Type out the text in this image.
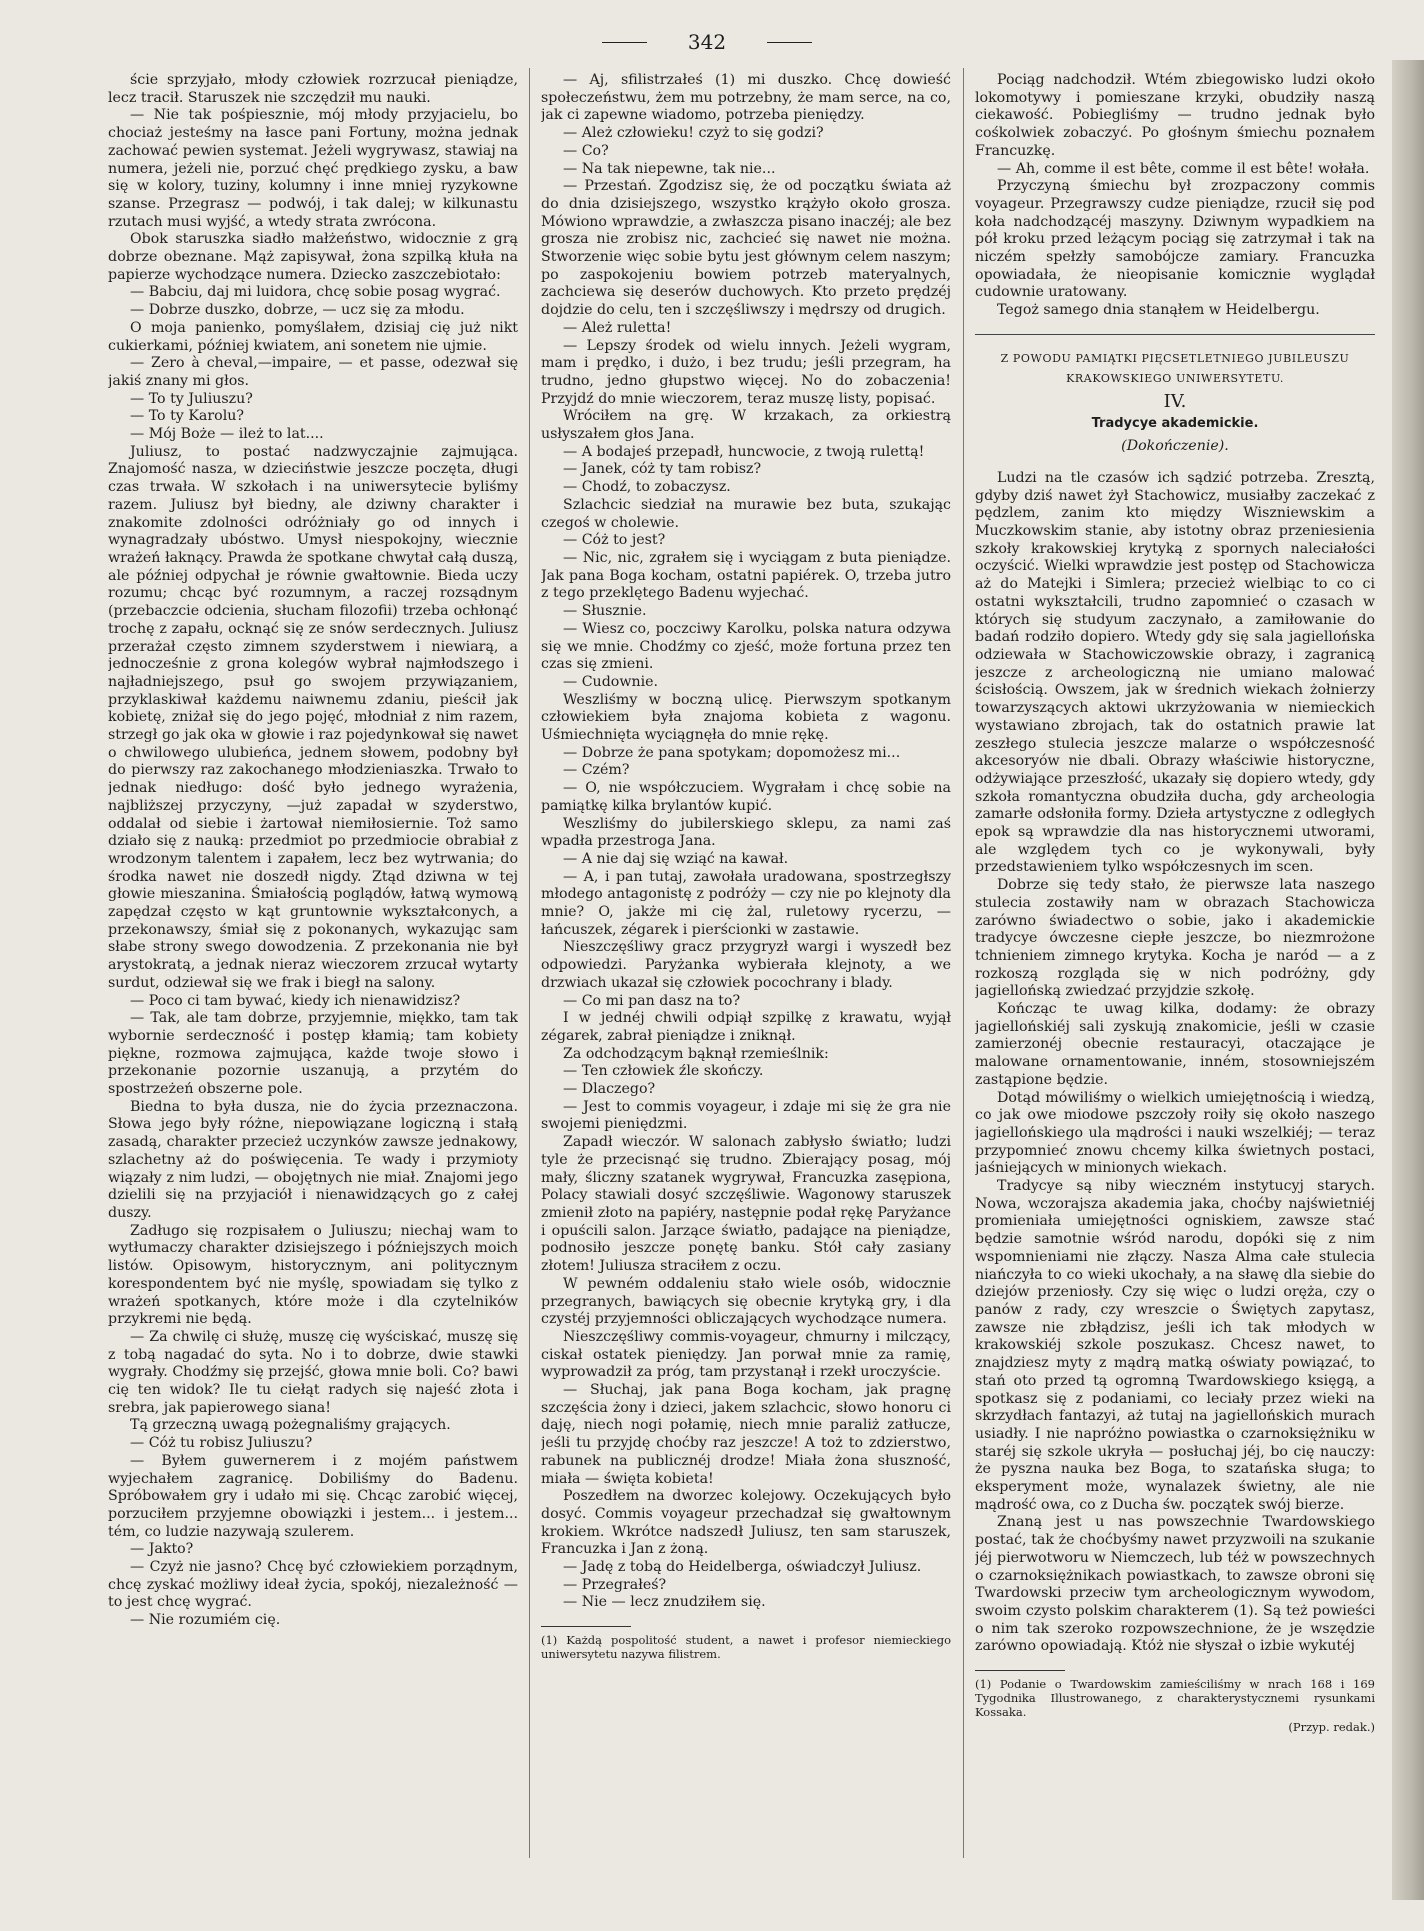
342

ście sprzyjało, młody człowiek rozrzucał pieniądze, lecz tracił. Staruszek nie szczędził mu nauki.

— Nie tak pośpiesznie, mój młody przyjacielu, bo chociaż jesteśmy na łasce pani Fortuny, można jednak zachować pewien systemat. Jeżeli wygrywasz, stawiaj na numera, jeżeli nie, porzuć chęć prędkiego zysku, a baw się w kolory, tuziny, kolumny i inne mniej ryzykowne szanse. Przegrasz — podwój, i tak dalej; w kilkunastu rzutach musi wyjść, a wtedy strata zwrócona.

Obok staruszka siadło małżeństwo, widocznie z grą dobrze obeznane. Mąż zapisywał, żona szpilką kłuła na papierze wychodzące numera. Dziecko zaszczebiotało:

— Babciu, daj mi luidora, chcę sobie posag wygrać.

— Dobrze duszko, dobrze, — ucz się za młodu.

O moja panienko, pomyślałem, dzisiaj cię już nikt cukierkami, później kwiatem, ani sonetem nie ujmie.

— Zero à cheval,—impaire, — et passe, odezwał się jakiś znany mi głos.

— To ty Juliuszu?

— To ty Karolu?

— Mój Boże — ileż to lat....

Juliusz, to postać nadzwyczajnie zajmująca. Znajomość nasza, w dzieciństwie jeszcze poczęta, długi czas trwała. W szkołach i na uniwersytecie byliśmy razem. Juliusz był biedny, ale dziwny charakter i znakomite zdolności odróżniały go od innych i wynagradzały ubóstwo. Umysł niespokojny, wiecznie wrażeń łaknący. Prawda że spotkane chwytał całą duszą, ale później odpychał je równie gwałtownie. Bieda uczy rozumu; chcąc być rozumnym, a raczej rozsądnym (przebaczcie odcienia, słucham filozofii) trzeba ochłonąć trochę z zapału, ocknąć się ze snów serdecznych. Juliusz przerażał często zimnem szyderstwem i niewiarą, a jednocześnie z grona kolegów wybrał najmłodszego i najładniejszego, psuł go swojem przywiązaniem, przyklaskiwał każdemu naiwnemu zdaniu, pieścił jak kobietę, zniżał się do jego pojęć, młodniał z nim razem, strzegł go jak oka w głowie i raz pojedynkował się nawet o chwilowego ulubieńca, jednem słowem, podobny był do pierwszy raz zakochanego młodzieniaszka. Trwało to jednak niedługo: dość było jednego wyrażenia, najbliższej przyczyny, —już zapadał w szyderstwo, oddalał od siebie i żartował niemiłosiernie. Toż samo działo się z nauką: przedmiot po przedmiocie obrabiał z wrodzonym talentem i zapałem, lecz bez wytrwania; do środka nawet nie doszedł nigdy. Ztąd dziwna w tej głowie mieszanina. Śmiałością poglądów, łatwą wymową zapędzał często w kąt gruntownie wykształconych, a przekonawszy, śmiał się z pokonanych, wykazując sam słabe strony swego dowodzenia. Z przekonania nie był arystokratą, a jednak nieraz wieczorem zrzucał wytarty surdut, odziewał się we frak i biegł na salony.

— Poco ci tam bywać, kiedy ich nienawidzisz?

— Tak, ale tam dobrze, przyjemnie, miękko, tam tak wybornie serdeczność i postęp kłamią; tam kobiety piękne, rozmowa zajmująca, każde twoje słowo i przekonanie pozornie uszanują, a przytém do spostrzeżeń obszerne pole.

Biedna to była dusza, nie do życia przeznaczona. Słowa jego były różne, niepowiązane logiczną i stałą zasadą, charakter przecież uczynków zawsze jednakowy, szlachetny aż do poświęcenia. Te wady i przymioty wiązały z nim ludzi, — obojętnych nie miał. Znajomi jego dzielili się na przyjaciół i nienawidzących go z całej duszy.

Zadługo się rozpisałem o Juliuszu; niechaj wam to wytłumaczy charakter dzisiejszego i późniejszych moich listów. Opisowym, historycznym, ani politycznym korespondentem być nie myślę, spowiadam się tylko z wrażeń spotkanych, które może i dla czytelników przykremi nie będą.

— Za chwilę ci służę, muszę cię wyściskać, muszę się z tobą nagadać do syta. No i to dobrze, dwie stawki wygrały. Chodźmy się przejść, głowa mnie boli. Co? bawi cię ten widok? Ile tu ciełąt radych się najeść złota i srebra, jak papierowego siana!

Tą grzeczną uwagą pożegnaliśmy grających.

— Cóż tu robisz Juliuszu?

— Byłem guwernerem i z mojém państwem wyjechałem zagranicę. Dobiliśmy do Badenu. Spróbowałem gry i udało mi się. Chcąc zarobić więcej, porzuciłem przyjemne obowiązki i jestem... i jestem... tém, co ludzie nazywają szulerem.

— Jakto?

— Czyż nie jasno? Chcę być człowiekiem porządnym, chcę zyskać możliwy ideał życia, spokój, niezależność — to jest chcę wygrać.

— Nie rozumiém cię.

— Aj, sfilistrzałeś (1) mi duszko. Chcę dowieść społeczeństwu, żem mu potrzebny, że mam serce, na co, jak ci zapewne wiadomo, potrzeba pieniędzy.

— Ależ człowieku! czyż to się godzi?

— Co?

— Na tak niepewne, tak nie...

— Przestań. Zgodzisz się, że od początku świata aż do dnia dzisiejszego, wszystko krążyło około grosza. Mówiono wprawdzie, a zwłaszcza pisano inaczéj; ale bez grosza nie zrobisz nic, zachcieć się nawet nie można. Stworzenie więc sobie bytu jest głównym celem naszym; po zaspokojeniu bowiem potrzeb materyalnych, zachciewa się deserów duchowych. Kto przeto prędzéj dojdzie do celu, ten i szczęśliwszy i mędrszy od drugich.

— Ależ ruletta!

— Lepszy środek od wielu innych. Jeżeli wygram, mam i prędko, i dużo, i bez trudu; jeśli przegram, ha trudno, jedno głupstwo więcej. No do zobaczenia! Przyjdź do mnie wieczorem, teraz muszę listy, popisać.

Wróciłem na grę. W krzakach, za orkiestrą usłyszałem głos Jana.

— A bodajeś przepadł, huncwocie, z twoją rulettą!

— Janek, cóż ty tam robisz?

— Chodź, to zobaczysz.

Szlachcic siedział na murawie bez buta, szukając czegoś w cholewie.

— Cóż to jest?

— Nic, nic, zgrałem się i wyciągam z buta pieniądze. Jak pana Boga kocham, ostatni papiérek. O, trzeba jutro z tego przeklętego Badenu wyjechać.

— Słusznie.

— Wiesz co, poczciwy Karolku, polska natura odzywa się we mnie. Chodźmy co zjeść, może fortuna przez ten czas się zmieni.

— Cudownie.

Weszliśmy w boczną ulicę. Pierwszym spotkanym człowiekiem była znajoma kobieta z wagonu. Uśmiechnięta wyciągnęła do mnie rękę.

— Dobrze że pana spotykam; dopomożesz mi...

— Czém?

— O, nie współczuciem. Wygrałam i chcę sobie na pamiątkę kilka brylantów kupić.

Weszliśmy do jubilerskiego sklepu, za nami zaś wpadła przestroga Jana.

— A nie daj się wziąć na kawał.

— A, i pan tutaj, zawołała uradowana, spostrzegłszy młodego antagonistę z podróży — czy nie po klejnoty dla mnie? O, jakże mi cię żal, ruletowy rycerzu, — łańcuszek, zégarek i pierścionki w zastawie.

Nieszczęśliwy gracz przygryzł wargi i wyszedł bez odpowiedzi. Paryżanka wybierała klejnoty, a we drzwiach ukazał się człowiek pocochrany i blady.

— Co mi pan dasz na to?

I w jednéj chwili odpiął szpilkę z krawatu, wyjął zégarek, zabrał pieniądze i zniknął.

Za odchodzącym bąknął rzemieślnik:

— Ten człowiek źle skończy.

— Dlaczego?

— Jest to commis voyageur, i zdaje mi się że gra nie swojemi pieniędzmi.

Zapadł wieczór. W salonach zabłysło światło; ludzi tyle że przecisnąć się trudno. Zbierający posag, mój mały, śliczny szatanek wygrywał, Francuzka zasępiona, Polacy stawiali dosyć szczęśliwie. Wagonowy staruszek zmienił złoto na papiéry, następnie podał rękę Paryżance i opuścili salon. Jarzące światło, padające na pieniądze, podnosiło jeszcze ponętę banku. Stół cały zasiany złotem! Juliusza straciłem z oczu.

W pewném oddaleniu stało wiele osób, widocznie przegranych, bawiących się obecnie krytyką gry, i dla czystéj przyjemności obliczających wychodzące numera.

Nieszczęśliwy commis-voyageur, chmurny i milczący, ciskał ostatek pieniędzy. Jan porwał mnie za ramię, wyprowadził za próg, tam przystanął i rzekł uroczyście.

— Słuchaj, jak pana Boga kocham, jak pragnę szczęścia żony i dzieci, jakem szlachcic, słowo honoru ci daję, niech nogi połamię, niech mnie paraliż zatłucze, jeśli tu przyjdę choćby raz jeszcze! A toż to zdzierstwo, rabunek na publicznéj drodze! Miała żona słuszność, miała — święta kobieta!

Poszedłem na dworzec kolejowy. Oczekujących było dosyć. Commis voyageur przechadzał się gwałtownym krokiem. Wkrótce nadszedł Juliusz, ten sam staruszek, Francuzka i Jan z żoną.

— Jadę z tobą do Heidelberga, oświadczył Juliusz.

— Przegrałeś?

— Nie — lecz znudziłem się.

(1) Każdą pospolitość student, a nawet i profesor niemieckiego uniwersytetu nazywa filistrem.

Pociąg nadchodził. Wtém zbiegowisko ludzi około lokomotywy i pomieszane krzyki, obudziły naszą ciekawość. Pobiegliśmy — trudno jednak było cośkolwiek zobaczyć. Po głośnym śmiechu poznałem Francuzkę.

— Ah, comme il est bête, comme il est bête! wołała.

Przyczyną śmiechu był zrozpaczony commis voyageur. Przegrawszy cudze pieniądze, rzucił się pod koła nadchodzącéj maszyny. Dziwnym wypadkiem na pół kroku przed leżącym pociąg się zatrzymał i tak na niczém spełzły samobójcze zamiary. Francuzka opowiadała, że nieopisanie komicznie wyglądał cudownie uratowany.

Tegoż samego dnia stanąłem w Heidelbergu.

Z POWODU PAMIĄTKI PIĘCSETLETNIEGO JUBILEUSZU
KRAKOWSKIEGO UNIWERSYTETU.
IV.
Tradycye akademickie.
(Dokończenie).

Ludzi na tle czasów ich sądzić potrzeba. Zresztą, gdyby dziś nawet żył Stachowicz, musiałby zaczekać z pędzlem, zanim kto między Wiszniewskim a Muczkowskim stanie, aby istotny obraz przeniesienia szkoły krakowskiej krytyką z spornych naleciałości oczyścić. Wielki wprawdzie jest postęp od Stachowicza aż do Matejki i Simlera; przecież wielbiąc to co ci ostatni wykształcili, trudno zapomnieć o czasach w których się studyum zaczynało, a zamiłowanie do badań rodziło dopiero. Wtedy gdy się sala jagiellońska odziewała w Stachowiczowskie obrazy, i zagranicą jeszcze z archeologiczną nie umiano malować ścisłością. Owszem, jak w średnich wiekach żołnierzy towarzyszących aktowi ukrzyżowania w niemieckich wystawiano zbrojach, tak do ostatnich prawie lat zeszłego stulecia jeszcze malarze o współczesność akcesoryów nie dbali. Obrazy właściwie historyczne, odżywiające przeszłość, ukazały się dopiero wtedy, gdy szkoła romantyczna obudziła ducha, gdy archeologia zamarłe odsłoniła formy. Dzieła artystyczne z odległych epok są wprawdzie dla nas historycznemi utworami, ale względem tych co je wykonywali, były przedstawieniem tylko współczesnych im scen.

Dobrze się tedy stało, że pierwsze lata naszego stulecia zostawiły nam w obrazach Stachowicza zarówno świadectwo o sobie, jako i akademickie tradycye ówczesne ciepłe jeszcze, bo niezmrożone tchnieniem zimnego krytyka. Kocha je naród — a z rozkoszą rozgląda się w nich podróżny, gdy jagiellońską zwiedzać przyjdzie szkołę.

Kończąc te uwag kilka, dodamy: że obrazy jagiellońskiéj sali zyskują znakomicie, jeśli w czasie zamierzonéj obecnie restauracyi, otaczające je malowane ornamentowanie, inném, stosowniejszém zastąpione będzie.

Dotąd mówiliśmy o wielkich umiejętnością i wiedzą, co jak owe miodowe pszczoły roiły się około naszego jagiellońskiego ula mądrości i nauki wszelkiéj; — teraz przypomnieć znowu chcemy kilka świetnych postaci, jaśniejących w minionych wiekach.

Tradycye są niby wieczném instytucyj starych. Nowa, wczorajsza akademia jaka, choćby najświetniéj promieniała umiejętności ogniskiem, zawsze stać będzie samotnie wśród narodu, dopóki się z nim wspomnieniami nie złączy. Nasza Alma całe stulecia niańczyła to co wieki ukochały, a na sławę dla siebie do dziejów przeniosły. Czy się więc o ludzi oręża, czy o panów z rady, czy wreszcie o Świętych zapytasz, zawsze nie zbłądzisz, jeśli ich tak młodych w krakowskiéj szkole poszukasz. Chcesz nawet, to znajdziesz myty z mądrą matką oświaty powiązać, to stań oto przed tą ogromną Twardowskiego księgą, a spotkasz się z podaniami, co leciały przez wieki na skrzydłach fantazyi, aż tutaj na jagiellońskich murach usiadły. I nie napróżno powiastka o czarnoksiężniku w staréj się szkole ukryła — posłuchaj jéj, bo cię nauczy: że pyszna nauka bez Boga, to szatańska sługa; to eksperyment może, wynalazek świetny, ale nie mądrość owa, co z Ducha św. początek swój bierze.

Znaną jest u nas powszechnie Twardowskiego postać, tak że choćbyśmy nawet przyzwoili na szukanie jéj pierwotworu w Niemczech, lub téż w powszechnych o czarnoksiężnikach powiastkach, to zawsze obroni się Twardowski przeciw tym archeologicznym wywodom, swoim czysto polskim charakterem (1). Są też powieści o nim tak szeroko rozpowszechnione, że je wszędzie zarówno opowiadają. Któż nie słyszał o izbie wykutéj

(1) Podanie o Twardowskim zamieściliśmy w nrach 168 i 169 Tygodnika Illustrowanego, z charakterystycznemi rysunkami Kossaka.

(Przyp. redak.)
